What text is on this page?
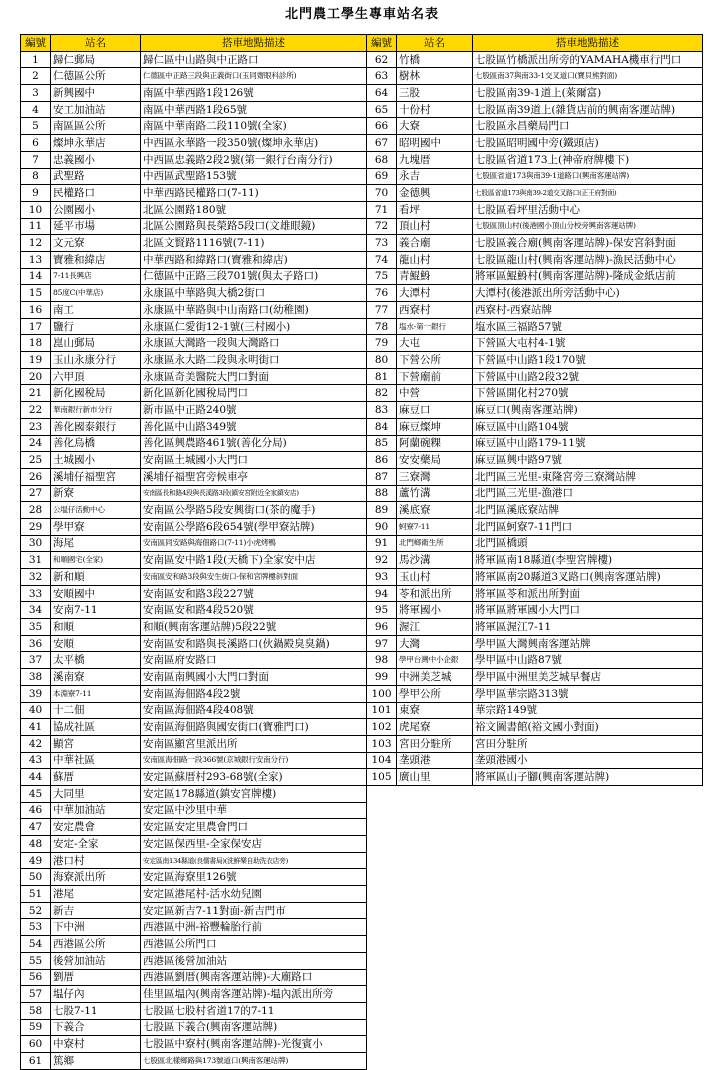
北門農工學生專車站名表
編號	站名	搭車地點描述
1	歸仁郵局	歸仁區中山路與中正路口
2	仁德區公所	仁德區中正路三段與正義街口(玉同齋眼科診所)
3	新興國中	南區中華西路1段126號
4	安工加油站	南區中華西路1段65號
5	南區區公所	南區中華南路二段110號(全家)
6	燦坤永華店	中西區永華路一段350號(燦坤永華店)
7	忠義國小	中西區忠義路2段2號(第一銀行台南分行)
8	武聖路	中西區武聖路153號
9	民權路口	中華西路民權路口(7-11)
10	公園國小	北區公園路180號
11	延平市場	北區公園路與長榮路5段口(文雄眼鏡)
12	文元寮	北區文賢路1116號(7-11)
13	寶雅和緯店	中華西路和緯路口(寶雅和緯店)
14	7-11長興店	仁德區中正路三段701號(與太子路口)
15	85度C(中華店)	永康區中華路與大橋2街口
16	南工	永康區中華路與中山南路口(幼稚園)
17	鹽行	永康區仁愛街12-1號(三村國小)
18	崑山郵局	永康區大灣路一段與大灣路口
19	玉山永康分行	永康區永大路二段與永明街口
20	六甲頂	永康區奇美醫院大門口對面
21	新化國稅局	新化區新化國稅局門口
22	華南銀行新市分行	新市區中正路240號
23	善化國泰銀行	善化區中山路349號
24	善化烏橋	善化區興農路461號(善化分局)
25	土城國小	安南區土城國小大門口
26	溪埔仔福聖宮	溪埔仔福聖宮旁候車亭
27	新寮	安南區長和路4段與長溪路3段(鎮安宮附近全家鎮安店)
28	公塭仔活動中心	安南區公學路5段安興街口(茶的魔手)
29	學甲寮	安南區公學路6段654號(學甲寮站牌)
30	海尾	安南區同安路與海佃路口(7-11)小虎烤鴨
31	和順國宅(全家)	安南區安中路1段(天橋下)全家安中店
32	新和順	安南區安和路3段與安生街口-保和宮牌樓斜對面
33	安順國中	安南區安和路3段227號
34	安南7-11	安南區安和路4段520號
35	和順	和順(興南客運站牌)5段22號
36	安順	安南區安和路與長溪路口(伙鍋殿臭臭鍋)
37	太平橋	安南區府安路口
38	溪南寮	安南區南興國小大門口對面
39	本淵寮7-11	安南區海佃路4段2號
40	十二佃	安南區海佃路4段408號
41	協成社區	安南區海佃路與國安街口(寶雅門口)
42	顯宮	安南區顯宮里派出所
43	中華社區	安南區海佃路一段366號(京城銀行安南分行)
44	蘇厝	安定區蘇厝村293-68號(全家)
45	大同里	安定區178縣道(鎮安宮牌樓)
46	中華加油站	安定區中沙里中華
47	安定農會	安定區安定里農會門口
48	安定-全家	安定區保西里-全家保安店
49	港口村	安定區南134縣道(良儒書局)(洗鮮樂自助洗衣店旁)
50	海寮派出所	安定區海寮里126號
51	港尾	安定區港尾村-活水幼兒園
52	新吉	安定區新吉7-11對面-新吉門市
53	下中洲	西港區中洲-裕豐輪胎行前
54	西港區公所	西港區公所門口
55	後營加油站	西港區後營加油站
56	劉厝	西港區劉厝(興南客運站牌)-大廟路口
57	塭仔內	佳里區塭內(興南客運站牌)-塭內派出所旁
58	七股7-11	七股區七股村省道17的7-11
59	下義合	七股區下義合(興南客運站牌)
60	中寮村	七股區中寮村(興南客運站牌)-光復賓小
61	篤鄉	七股區北樣鄉路與173號道口(興南客運站牌)
編號	站名	搭車地點描述
62	竹橋	七股區竹橋派出所旁的YAMAHA機車行門口
63	樹林	七股區南37與南33-1交叉道口(寶貝熊對面)
64	三股	七股區南39-1道上(萊爾富)
65	十份村	七股區南39道上(雜貨店前的興南客運站牌)
66	大寮	七股區永昌藥局門口
67	昭明國中	七股區昭明國中旁(鐵頭店)
68	九塊厝	七股區省道173上(神帝府牌樓下)
69	永吉	七股區省道173與南39-1道路口(興南客運站牌)
70	金德興	七股區省道173與南39-2道交叉路口(正王府對面)
71	看坪	七股區看坪里活動中心
72	頂山村	七股區頂山村(後港國小頂山分校旁興南客運站牌)
73	義合廟	七股區義合廟(興南客運站牌)-保安宮斜對面
74	龍山村	七股區龍山村(興南客運站牌)-漁民活動中心
75	青鯤鯓	將軍區鯤鯓村(興南客運站牌)-隆成金紙店前
76	大潭村	大潭村(後港派出所旁活動中心)
77	西寮村	西寮村-西寮站牌
78	塩水-第一銀行	塩水區三福路57號
79	大屯	下營區大屯村4-1號
80	下營公所	下營區中山路1段170號
81	下營廟前	下營區中山路2段32號
82	中營	下營區開化村270號
83	麻豆口	麻豆口(興南客運站牌)
84	麻豆燦坤	麻豆區中山路104號
85	阿蘭碗粿	麻豆區中山路179-11號
86	安安藥局	麻豆區興中路97號
87	三寮灣	北門區三光里-東隆宮旁三寮灣站牌
88	蘆竹溝	北門區三光里-漁港口
89	溪底寮	北門區溪底寮站牌
90	蚵寮7-11	北門區蚵寮7-11門口
91	北門鄉衛生所	北門區橋頭
92	馬沙溝	將軍區南18縣道(李聖宮牌樓)
93	玉山村	將軍區南20縣道3叉路口(興南客運站牌)
94	苓和派出所	將軍區苓和派出所對面
95	將軍國小	將軍區將軍國小大門口
96	渥江	將軍區渥江7-11
97	大灣	學甲區大灣興南客運站牌
98	學甲台灣中小企銀	學甲區中山路87號
99	中洲美芝城	學甲區中洲里美芝城早餐店
100	學甲公所	學甲區華宗路313號
101	東寮	華宗路149號
102	虎尾寮	裕文圖書館(裕文國小對面)
103	宮田分駐所	宮田分駐所
104	垄頭港	垄頭港國小
105	廣山里	將軍區山子腳(興南客運站牌)
